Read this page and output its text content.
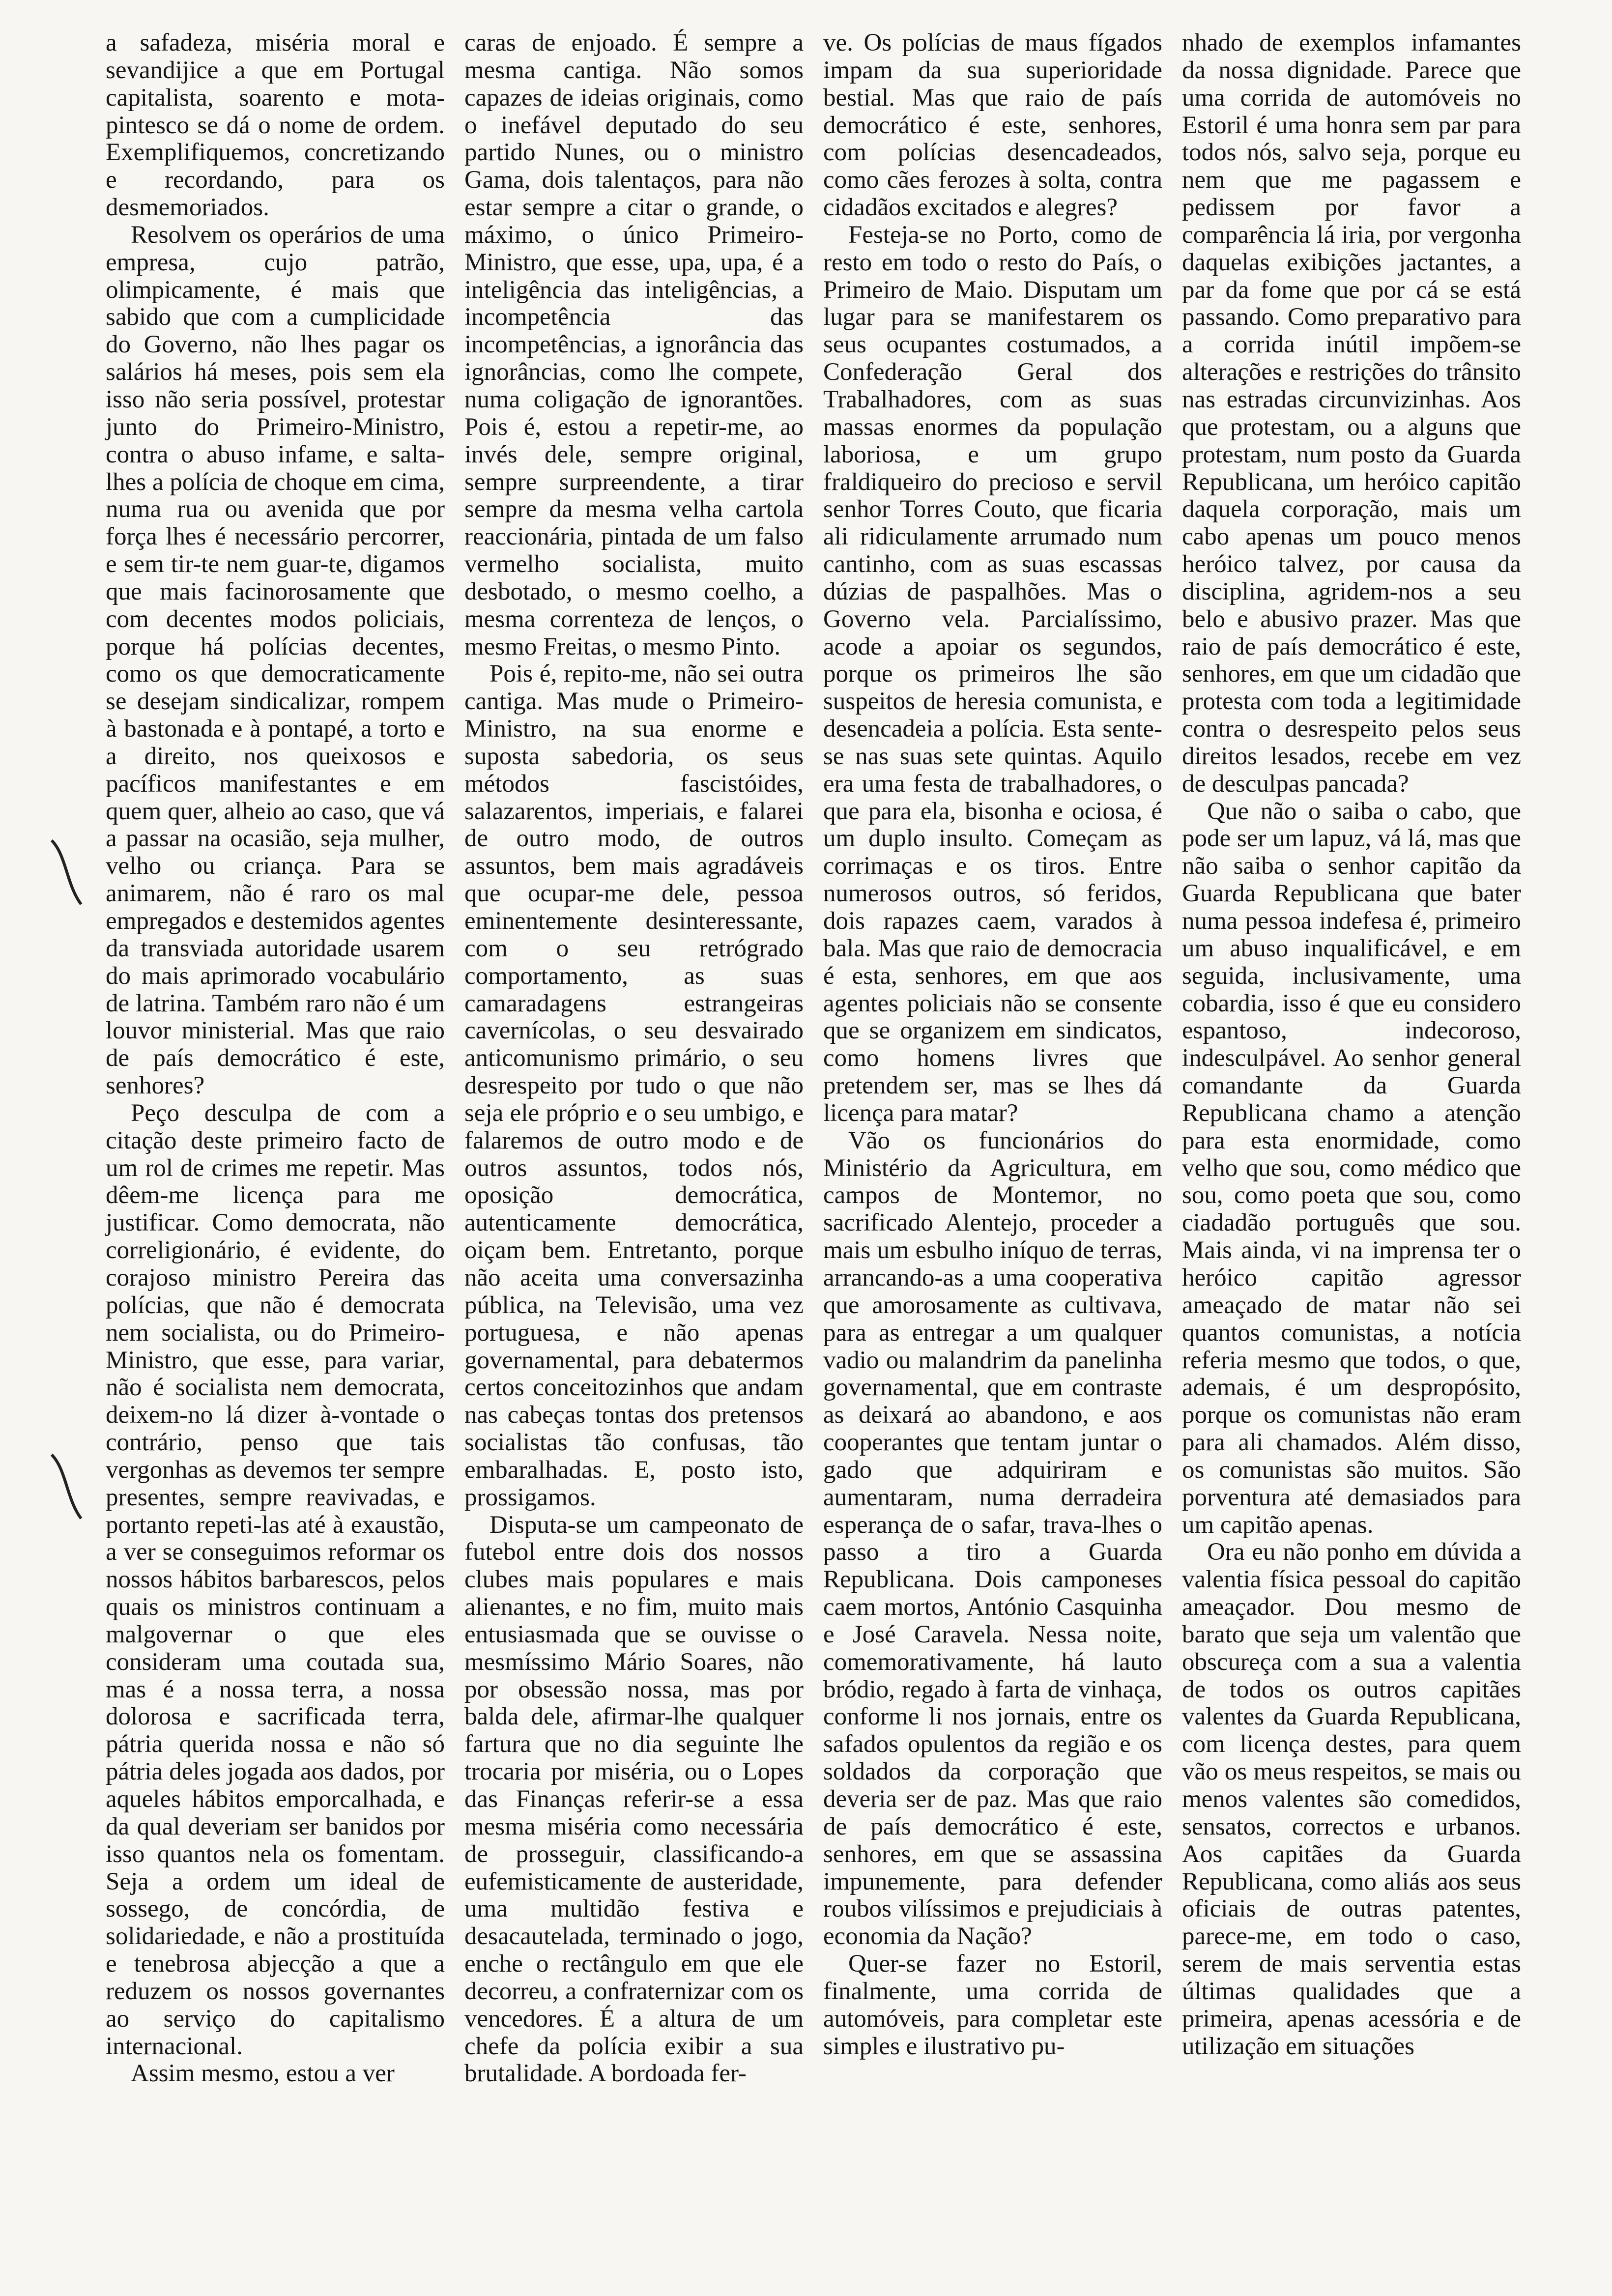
a safadeza, miséria moral e sevandijice a que em Portugal capitalista, soarento e mota-pintesco se dá o nome de ordem. Exemplifiquemos, concretizando e recordando, para os desmemoriados.

Resolvem os operários de uma empresa, cujo patrão, olimpicamente, é mais que sabido que com a cumplicidade do Governo, não lhes pagar os salários há meses, pois sem ela isso não seria possível, protestar junto do Primeiro-Ministro, contra o abuso infame, e salta-lhes a polícia de choque em cima, numa rua ou avenida que por força lhes é necessário percorrer, e sem tir-te nem guar-te, digamos que mais facinorosamente que com decentes modos policiais, porque há polícias decentes, como os que democraticamente se desejam sindicalizar, rompem à bastonada e à pontapé, a torto e a direito, nos queixosos e pacíficos manifestantes e em quem quer, alheio ao caso, que vá a passar na ocasião, seja mulher, velho ou criança. Para se animarem, não é raro os mal empregados e destemidos agentes da transviada autoridade usarem do mais aprimorado vocabulário de latrina. Também raro não é um louvor ministerial. Mas que raio de país democrático é este, senhores?

Peço desculpa de com a citação deste primeiro facto de um rol de crimes me repetir. Mas dêem-me licença para me justificar. Como democrata, não correligionário, é evidente, do corajoso ministro Pereira das polícias, que não é democrata nem socialista, ou do Primeiro-Ministro, que esse, para variar, não é socialista nem democrata, deixem-no lá dizer à-vontade o contrário, penso que tais vergonhas as devemos ter sempre presentes, sempre reavivadas, e portanto repeti-las até à exaustão, a ver se conseguimos reformar os nossos hábitos barbarescos, pelos quais os ministros continuam a malgovernar o que eles consideram uma coutada sua, mas é a nossa terra, a nossa dolorosa e sacrificada terra, pátria querida nossa e não só pátria deles jogada aos dados, por aqueles hábitos emporcalhada, e da qual deveriam ser banidos por isso quantos nela os fomentam. Seja a ordem um ideal de sossego, de concórdia, de solidariedade, e não a prostituída e tenebrosa abjecção a que a reduzem os nossos governantes ao serviço do capitalismo internacional.

Assim mesmo, estou a ver

caras de enjoado. É sempre a mesma cantiga. Não somos capazes de ideias originais, como o inefável deputado do seu partido Nunes, ou o ministro Gama, dois talentaços, para não estar sempre a citar o grande, o máximo, o único Primeiro-Ministro, que esse, upa, upa, é a inteligência das inteligências, a incompetência das incompetências, a ignorância das ignorâncias, como lhe compete, numa coligação de ignorantões. Pois é, estou a repetir-me, ao invés dele, sempre original, sempre surpreendente, a tirar sempre da mesma velha cartola reaccionária, pintada de um falso vermelho socialista, muito desbotado, o mesmo coelho, a mesma correnteza de lenços, o mesmo Freitas, o mesmo Pinto.

Pois é, repito-me, não sei outra cantiga. Mas mude o Primeiro-Ministro, na sua enorme e suposta sabedoria, os seus métodos fascistóides, salazarentos, imperiais, e falarei de outro modo, de outros assuntos, bem mais agradáveis que ocupar-me dele, pessoa eminentemente desinteressante, com o seu retrógrado comportamento, as suas camaradagens estrangeiras cavernícolas, o seu desvairado anticomunismo primário, o seu desrespeito por tudo o que não seja ele próprio e o seu umbigo, e falaremos de outro modo e de outros assuntos, todos nós, oposição democrática, autenticamente democrática, oiçam bem. Entretanto, porque não aceita uma conversazinha pública, na Televisão, uma vez portuguesa, e não apenas governamental, para debatermos certos conceitozinhos que andam nas cabeças tontas dos pretensos socialistas tão confusas, tão embaralhadas. E, posto isto, prossigamos.

Disputa-se um campeonato de futebol entre dois dos nossos clubes mais populares e mais alienantes, e no fim, muito mais entusiasmada que se ouvisse o mesmíssimo Mário Soares, não por obsessão nossa, mas por balda dele, afirmar-lhe qualquer fartura que no dia seguinte lhe trocaria por miséria, ou o Lopes das Finanças referir-se a essa mesma miséria como necessária de prosseguir, classificando-a eufemisticamente de austeridade, uma multidão festiva e desacautelada, terminado o jogo, enche o rectângulo em que ele decorreu, a confraternizar com os vencedores. É a altura de um chefe da polícia exibir a sua brutalidade. A bordoada fer-

ve. Os polícias de maus fígados impam da sua superioridade bestial. Mas que raio de país democrático é este, senhores, com polícias desencadeados, como cães ferozes à solta, contra cidadãos excitados e alegres?

Festeja-se no Porto, como de resto em todo o resto do País, o Primeiro de Maio. Disputam um lugar para se manifestarem os seus ocupantes costumados, a Confederação Geral dos Trabalhadores, com as suas massas enormes da população laboriosa, e um grupo fraldiqueiro do precioso e servil senhor Torres Couto, que ficaria ali ridiculamente arrumado num cantinho, com as suas escassas dúzias de paspalhões. Mas o Governo vela. Parcialíssimo, acode a apoiar os segundos, porque os primeiros lhe são suspeitos de heresia comunista, e desencadeia a polícia. Esta sente-se nas suas sete quintas. Aquilo era uma festa de trabalhadores, o que para ela, bisonha e ociosa, é um duplo insulto. Começam as corrimaças e os tiros. Entre numerosos outros, só feridos, dois rapazes caem, varados à bala. Mas que raio de democracia é esta, senhores, em que aos agentes policiais não se consente que se organizem em sindicatos, como homens livres que pretendem ser, mas se lhes dá licença para matar?

Vão os funcionários do Ministério da Agricultura, em campos de Montemor, no sacrificado Alentejo, proceder a mais um esbulho iníquo de terras, arrancando-as a uma cooperativa que amorosamente as cultivava, para as entregar a um qualquer vadio ou malandrim da panelinha governamental, que em contraste as deixará ao abandono, e aos cooperantes que tentam juntar o gado que adquiriram e aumentaram, numa derradeira esperança de o safar, trava-lhes o passo a tiro a Guarda Republicana. Dois camponeses caem mortos, António Casquinha e José Caravela. Nessa noite, comemorativamente, há lauto bródio, regado à farta de vinhaça, conforme li nos jornais, entre os safados opulentos da região e os soldados da corporação que deveria ser de paz. Mas que raio de país democrático é este, senhores, em que se assassina impunemente, para defender roubos vilíssimos e prejudiciais à economia da Nação?

Quer-se fazer no Estoril, finalmente, uma corrida de automóveis, para completar este simples e ilustrativo pu-

nhado de exemplos infamantes da nossa dignidade. Parece que uma corrida de automóveis no Estoril é uma honra sem par para todos nós, salvo seja, porque eu nem que me pagassem e pedissem por favor a comparência lá iria, por vergonha daquelas exibições jactantes, a par da fome que por cá se está passando. Como preparativo para a corrida inútil impõem-se alterações e restrições do trânsito nas estradas circunvizinhas. Aos que protestam, ou a alguns que protestam, num posto da Guarda Republicana, um heróico capitão daquela corporação, mais um cabo apenas um pouco menos heróico talvez, por causa da disciplina, agridem-nos a seu belo e abusivo prazer. Mas que raio de país democrático é este, senhores, em que um cidadão que protesta com toda a legitimidade contra o desrespeito pelos seus direitos lesados, recebe em vez de desculpas pancada?

Que não o saiba o cabo, que pode ser um lapuz, vá lá, mas que não saiba o senhor capitão da Guarda Republicana que bater numa pessoa indefesa é, primeiro um abuso inqualificável, e em seguida, inclusivamente, uma cobardia, isso é que eu considero espantoso, indecoroso, indesculpável. Ao senhor general comandante da Guarda Republicana chamo a atenção para esta enormidade, como velho que sou, como médico que sou, como poeta que sou, como ciadadão português que sou. Mais ainda, vi na imprensa ter o heróico capitão agressor ameaçado de matar não sei quantos comunistas, a notícia referia mesmo que todos, o que, ademais, é um despropósito, porque os comunistas não eram para ali chamados. Além disso, os comunistas são muitos. São porventura até demasiados para um capitão apenas.

Ora eu não ponho em dúvida a valentia física pessoal do capitão ameaçador. Dou mesmo de barato que seja um valentão que obscureça com a sua a valentia de todos os outros capitães valentes da Guarda Republicana, com licença destes, para quem vão os meus respeitos, se mais ou menos valentes são comedidos, sensatos, correctos e urbanos. Aos capitães da Guarda Republicana, como aliás aos seus oficiais de outras patentes, parece-me, em todo o caso, serem de mais serventia estas últimas qualidades que a primeira, apenas acessória e de utilização em situações
